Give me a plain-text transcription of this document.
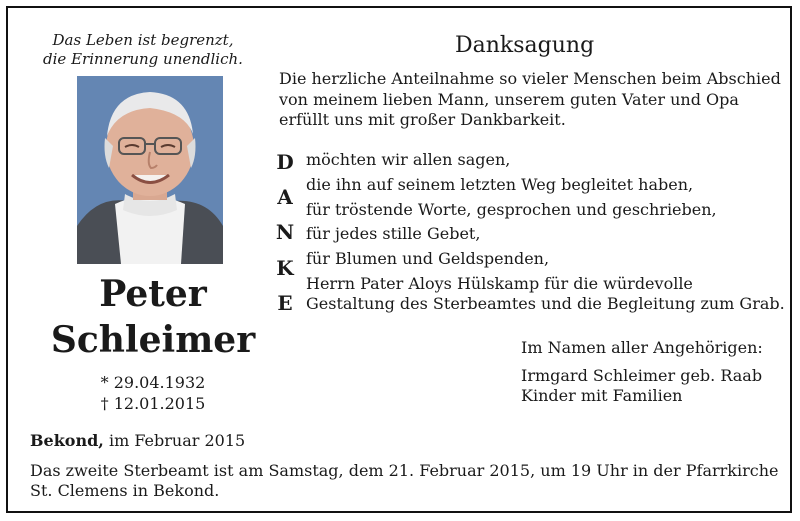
Das Leben ist begrenzt,
die Erinnerung unendlich.
Peter
Schleimer
* 29.04.1932
† 12.01.2015
Danksagung
Die herzliche Anteilnahme so vieler Menschen beim Abschied
von meinem lieben Mann, unserem guten Vater und Opa
erfüllt uns mit großer Dankbarkeit.
D
A
N
K
E
möchten wir allen sagen,
die ihn auf seinem letzten Weg begleitet haben,
für tröstende Worte, gesprochen und geschrieben,
für jedes stille Gebet,
für Blumen und Geldspenden,
Herrn Pater Aloys Hülskamp für die würdevolle
Gestaltung des Sterbeamtes und die Begleitung zum Grab.
Im Namen aller Angehörigen:
Irmgard Schleimer geb. Raab
Kinder mit Familien
Bekond, im Februar 2015
Das zweite Sterbeamt ist am Samstag, dem 21. Februar 2015, um 19 Uhr in der Pfarrkirche
St. Clemens in Bekond.
